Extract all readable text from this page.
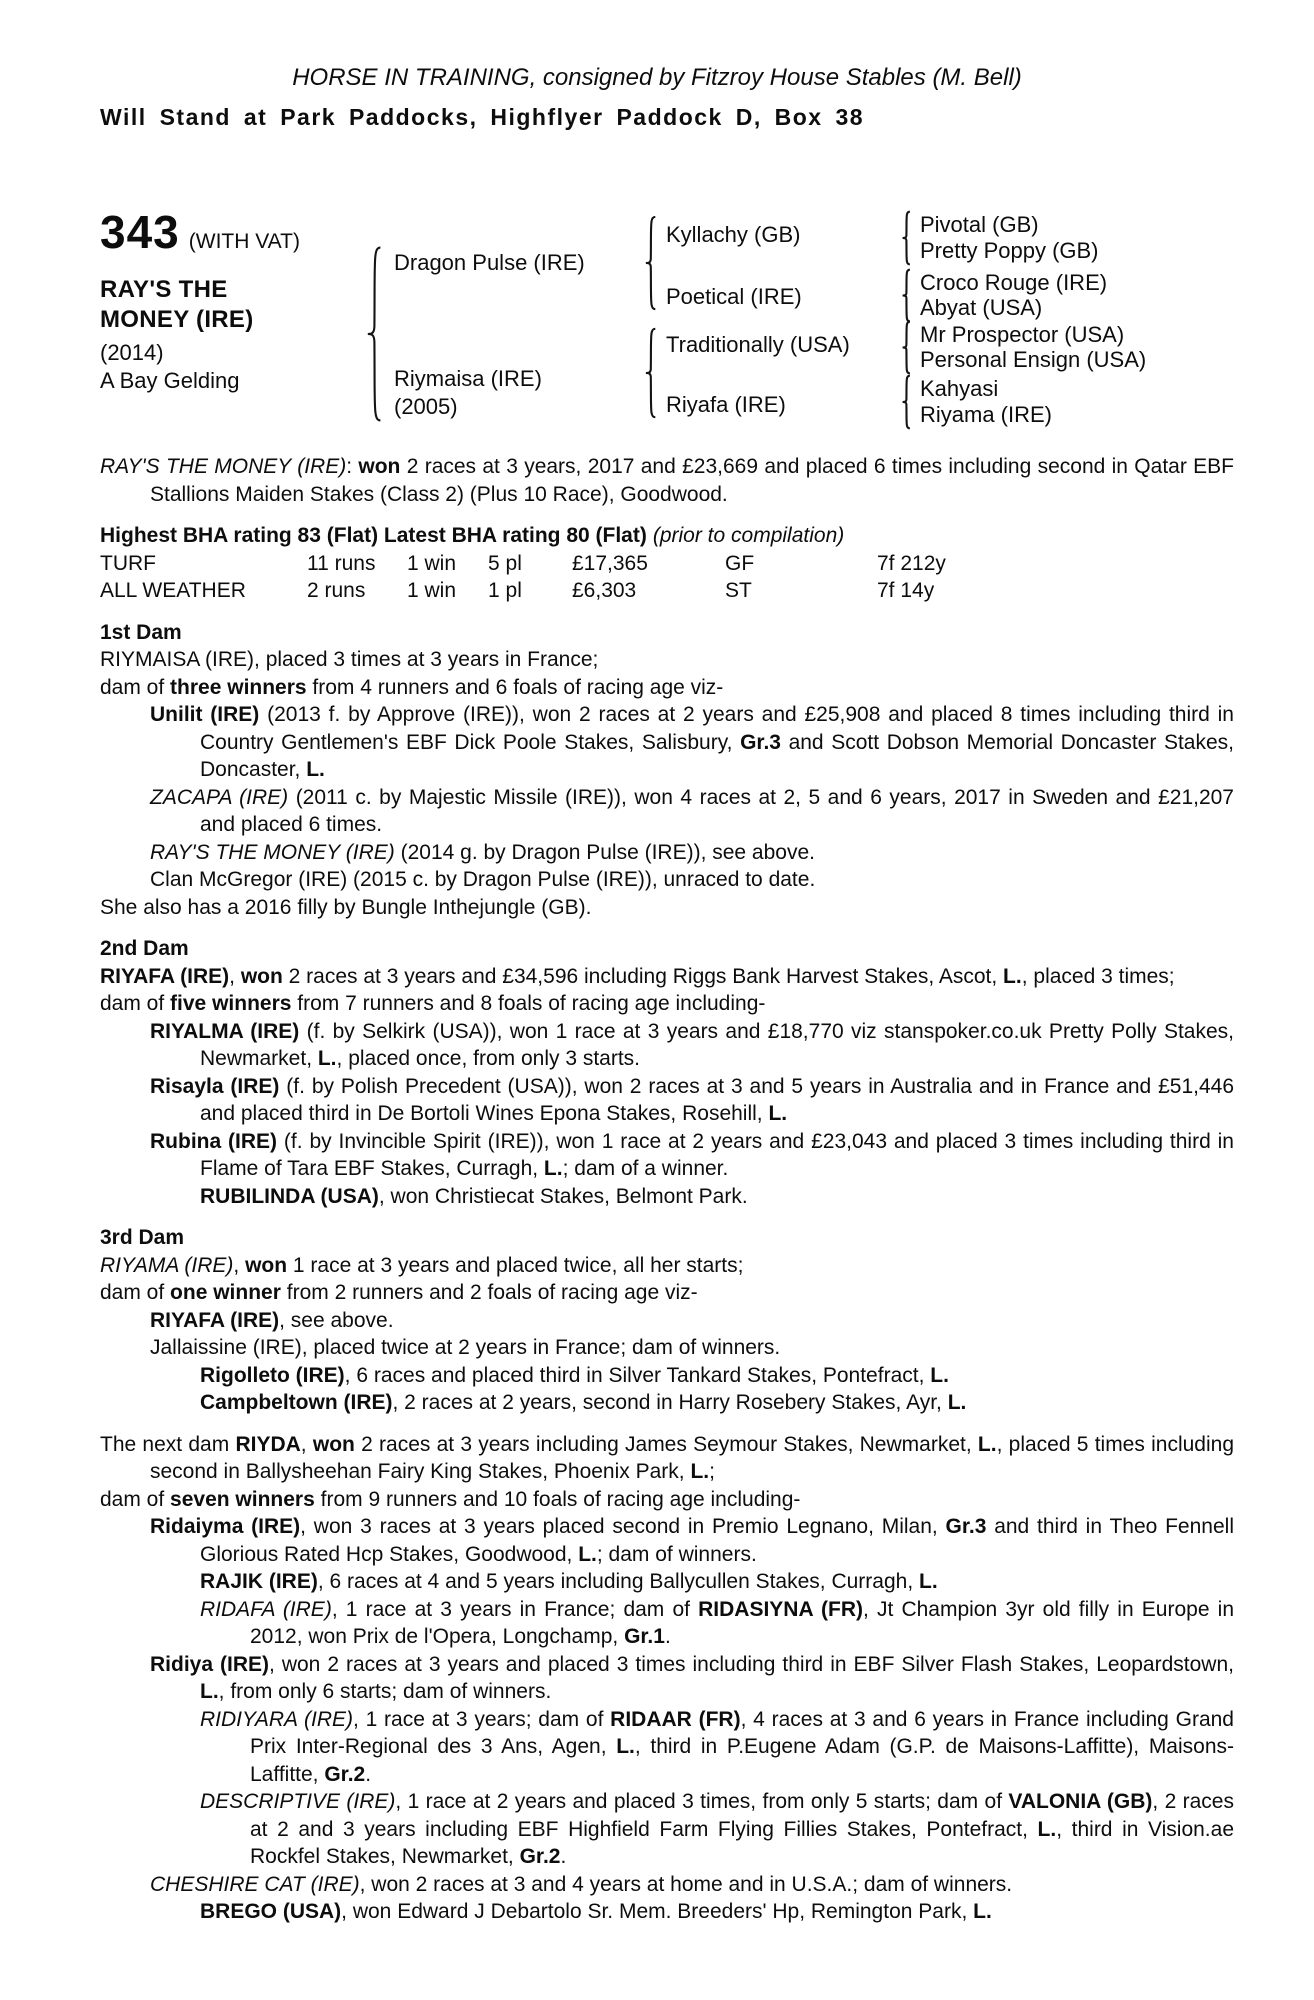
HORSE IN TRAINING, consigned by Fitzroy House Stables (M. Bell)
Will Stand at Park Paddocks, Highflyer Paddock D, Box 38
343 (WITH VAT)
RAY'S THE
MONEY (IRE)
(2014)
A Bay Gelding
Dragon Pulse (IRE)
Riymaisa (IRE)
(2005)
Kyllachy (GB)
Poetical (IRE)
Traditionally (USA)
Riyafa (IRE)
Pivotal (GB)
Pretty Poppy (GB)
Croco Rouge (IRE)
Abyat (USA)
Mr Prospector (USA)
Personal Ensign (USA)
Kahyasi
Riyama (IRE)
RAY'S THE MONEY (IRE): won 2 races at 3 years, 2017 and £23,669 and placed 6 times including second in Qatar EBF Stallions Maiden Stakes (Class 2) (Plus 10 Race), Goodwood.
Highest BHA rating 83 (Flat) Latest BHA rating 80 (Flat) (prior to compilation)
TURF	11 runs	1 win	5 pl	£17,365	GF	7f 212y
ALL WEATHER	2 runs	1 win	1 pl	£6,303	ST	7f 14y
1st Dam
RIYMAISA (IRE), placed 3 times at 3 years in France;
dam of three winners from 4 runners and 6 foals of racing age viz-
Unilit (IRE) (2013 f. by Approve (IRE)), won 2 races at 2 years and £25,908 and placed 8 times including third in Country Gentlemen's EBF Dick Poole Stakes, Salisbury, Gr.3 and Scott Dobson Memorial Doncaster Stakes, Doncaster, L.
ZACAPA (IRE) (2011 c. by Majestic Missile (IRE)), won 4 races at 2, 5 and 6 years, 2017 in Sweden and £21,207 and placed 6 times.
RAY'S THE MONEY (IRE) (2014 g. by Dragon Pulse (IRE)), see above.
Clan McGregor (IRE) (2015 c. by Dragon Pulse (IRE)), unraced to date.
She also has a 2016 filly by Bungle Inthejungle (GB).
2nd Dam
RIYAFA (IRE), won 2 races at 3 years and £34,596 including Riggs Bank Harvest Stakes, Ascot, L., placed 3 times;
dam of five winners from 7 runners and 8 foals of racing age including-
RIYALMA (IRE) (f. by Selkirk (USA)), won 1 race at 3 years and £18,770 viz stanspoker.co.uk Pretty Polly Stakes, Newmarket, L., placed once, from only 3 starts.
Risayla (IRE) (f. by Polish Precedent (USA)), won 2 races at 3 and 5 years in Australia and in France and £51,446 and placed third in De Bortoli Wines Epona Stakes, Rosehill, L.
Rubina (IRE) (f. by Invincible Spirit (IRE)), won 1 race at 2 years and £23,043 and placed 3 times including third in Flame of Tara EBF Stakes, Curragh, L.; dam of a winner.
RUBILINDA (USA), won Christiecat Stakes, Belmont Park.
3rd Dam
RIYAMA (IRE), won 1 race at 3 years and placed twice, all her starts;
dam of one winner from 2 runners and 2 foals of racing age viz-
RIYAFA (IRE), see above.
Jallaissine (IRE), placed twice at 2 years in France; dam of winners.
Rigolleto (IRE), 6 races and placed third in Silver Tankard Stakes, Pontefract, L.
Campbeltown (IRE), 2 races at 2 years, second in Harry Rosebery Stakes, Ayr, L.
The next dam RIYDA, won 2 races at 3 years including James Seymour Stakes, Newmarket, L., placed 5 times including second in Ballysheehan Fairy King Stakes, Phoenix Park, L.;
dam of seven winners from 9 runners and 10 foals of racing age including-
Ridaiyma (IRE), won 3 races at 3 years placed second in Premio Legnano, Milan, Gr.3 and third in Theo Fennell Glorious Rated Hcp Stakes, Goodwood, L.; dam of winners.
RAJIK (IRE), 6 races at 4 and 5 years including Ballycullen Stakes, Curragh, L.
RIDAFA (IRE), 1 race at 3 years in France; dam of RIDASIYNA (FR), Jt Champion 3yr old filly in Europe in 2012, won Prix de l'Opera, Longchamp, Gr.1.
Ridiya (IRE), won 2 races at 3 years and placed 3 times including third in EBF Silver Flash Stakes, Leopardstown, L., from only 6 starts; dam of winners.
RIDIYARA (IRE), 1 race at 3 years; dam of RIDAAR (FR), 4 races at 3 and 6 years in France including Grand Prix Inter-Regional des 3 Ans, Agen, L., third in P.Eugene Adam (G.P. de Maisons-Laffitte), Maisons-Laffitte, Gr.2.
DESCRIPTIVE (IRE), 1 race at 2 years and placed 3 times, from only 5 starts; dam of VALONIA (GB), 2 races at 2 and 3 years including EBF Highfield Farm Flying Fillies Stakes, Pontefract, L., third in Vision.ae Rockfel Stakes, Newmarket, Gr.2.
CHESHIRE CAT (IRE), won 2 races at 3 and 4 years at home and in U.S.A.; dam of winners.
BREGO (USA), won Edward J Debartolo Sr. Mem. Breeders' Hp, Remington Park, L.
